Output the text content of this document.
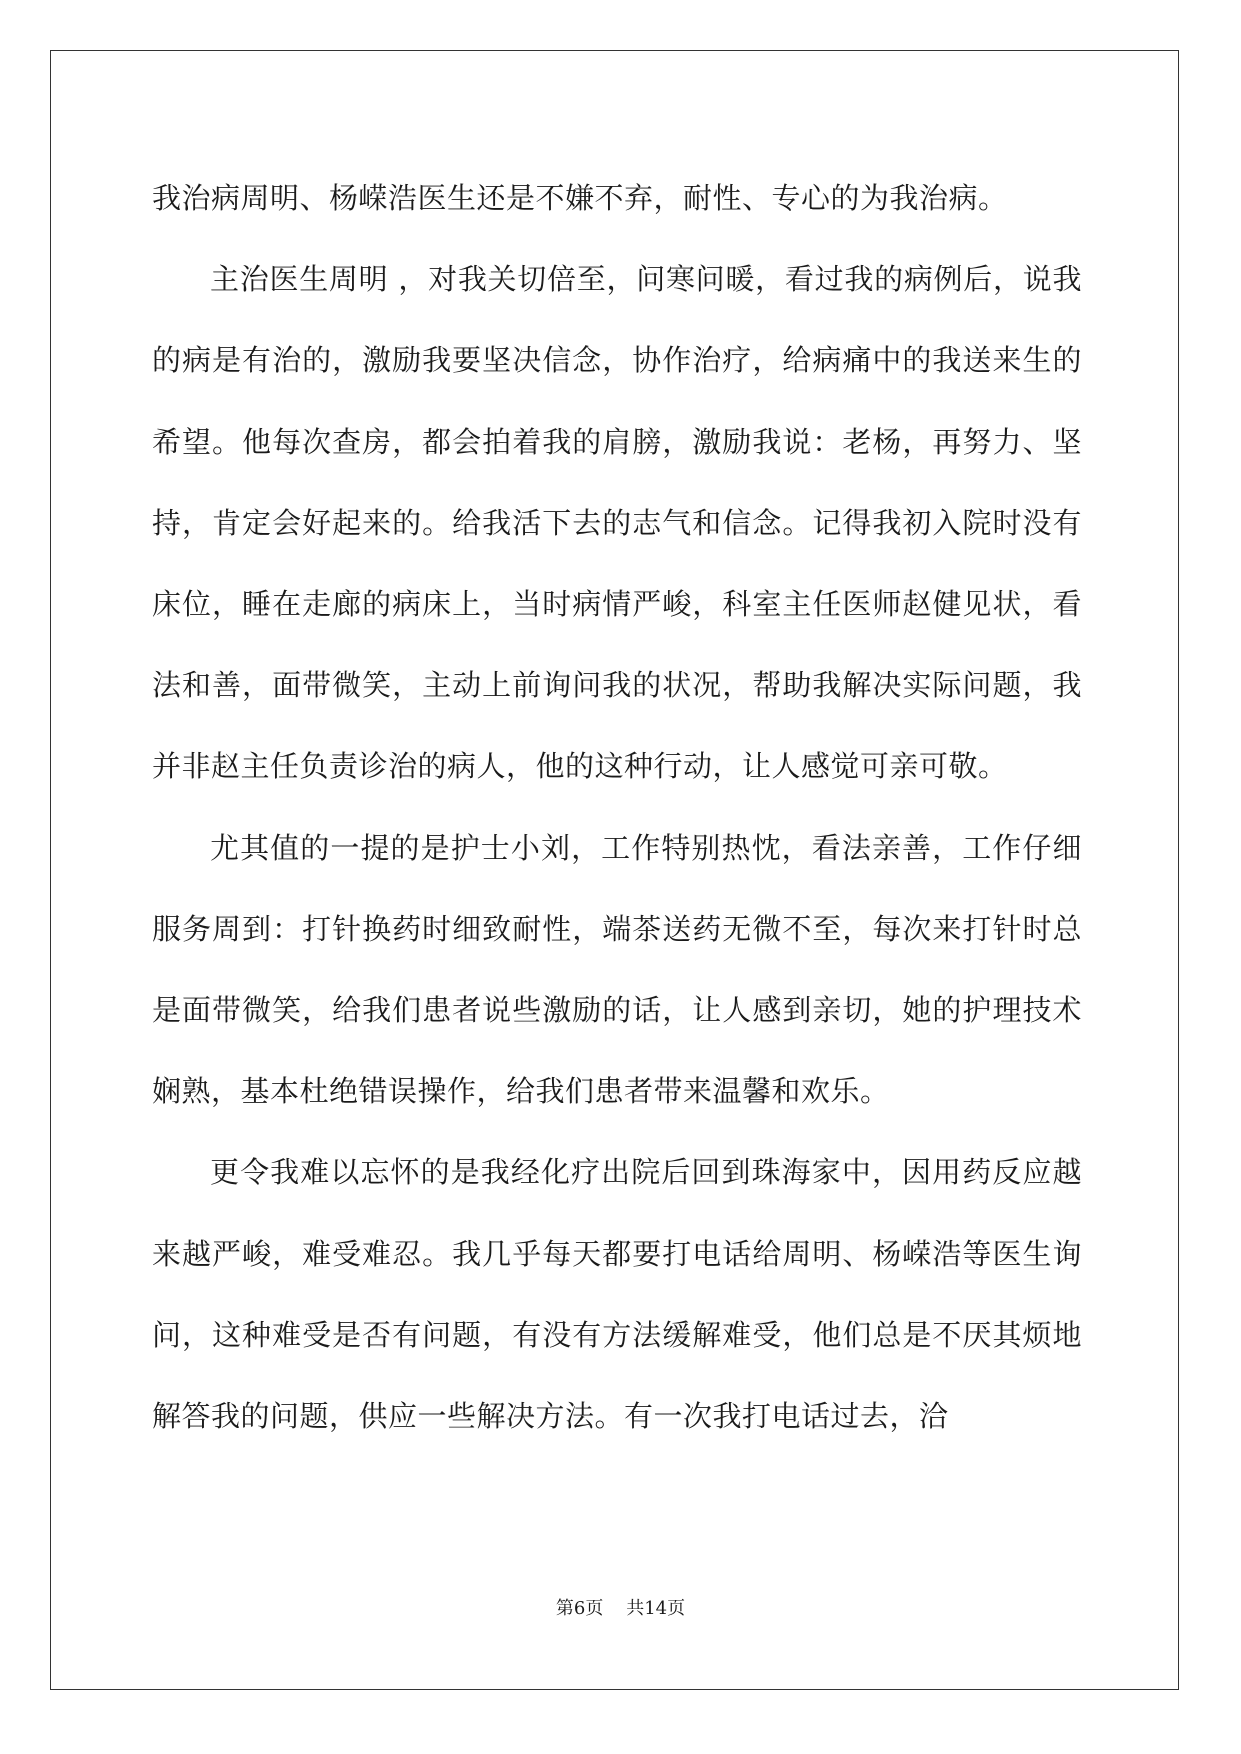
我治病周明、杨嵘浩医生还是不嫌不弃，耐性、专心的为我治病。

主治医生周明 ，对我关切倍至，问寒问暖，看过我的病例后，说我的病是有治的，激励我要坚决信念，协作治疗，给病痛中的我送来生的希望。他每次查房，都会拍着我的肩膀，激励我说：老杨，再努力、坚持，肯定会好起来的。给我活下去的志气和信念。记得我初入院时没有床位，睡在走廊的病床上，当时病情严峻，科室主任医师赵健见状，看法和善，面带微笑，主动上前询问我的状况，帮助我解决实际问题，我并非赵主任负责诊治的病人，他的这种行动，让人感觉可亲可敬。

尤其值的一提的是护士小刘，工作特别热忱，看法亲善，工作仔细服务周到：打针换药时细致耐性，端茶送药无微不至，每次来打针时总是面带微笑，给我们患者说些激励的话，让人感到亲切，她的护理技术娴熟，基本杜绝错误操作，给我们患者带来温馨和欢乐。

更令我难以忘怀的是我经化疗出院后回到珠海家中，因用药反应越来越严峻，难受难忍。我几乎每天都要打电话给周明、杨嵘浩等医生询问，这种难受是否有问题，有没有方法缓解难受，他们总是不厌其烦地解答我的问题，供应一些解决方法。有一次我打电话过去，洽

第6页    共14页
